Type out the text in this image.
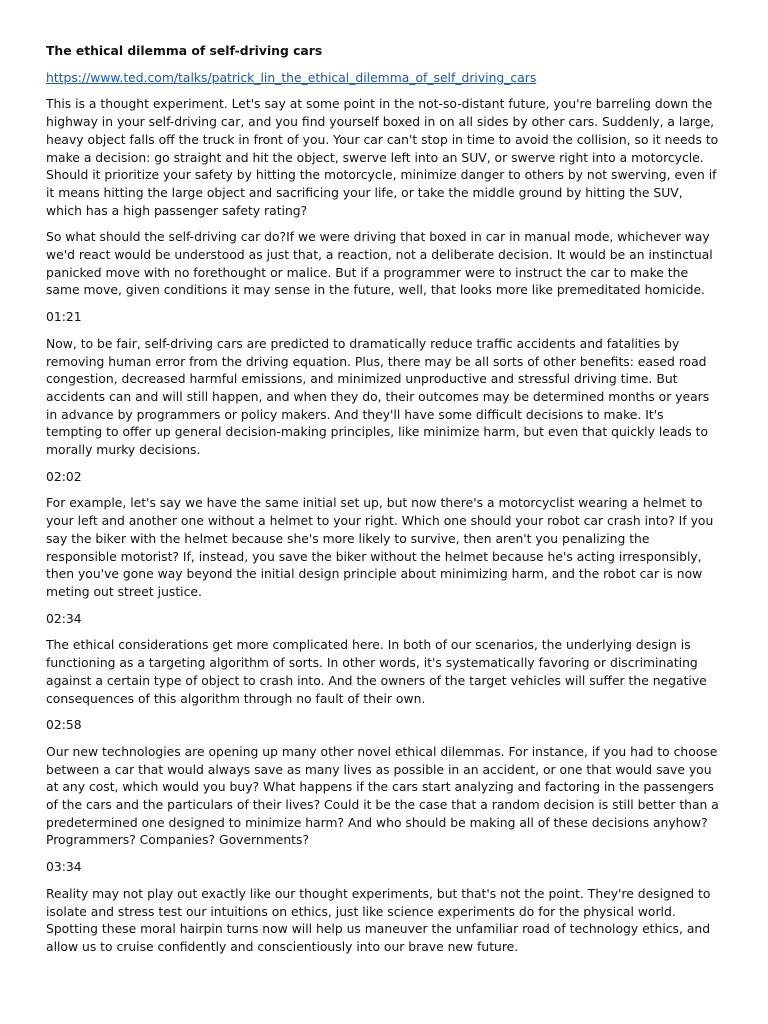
The ethical dilemma of self-driving cars
https://www.ted.com/talks/patrick_lin_the_ethical_dilemma_of_self_driving_cars

This is a thought experiment. Let's say at some point in the not-so-distant future, you're barreling down the highway in your self-driving car, and you find yourself boxed in on all sides by other cars. Suddenly, a large, heavy object falls off the truck in front of you. Your car can't stop in time to avoid the collision, so it needs to make a decision: go straight and hit the object, swerve left into an SUV, or swerve right into a motorcycle. Should it prioritize your safety by hitting the motorcycle, minimize danger to others by not swerving, even if it means hitting the large object and sacrificing your life, or take the middle ground by hitting the SUV, which has a high passenger safety rating?

So what should the self-driving car do?If we were driving that boxed in car in manual mode, whichever way we'd react would be understood as just that, a reaction, not a deliberate decision. It would be an instinctual panicked move with no forethought or malice. But if a programmer were to instruct the car to make the same move, given conditions it may sense in the future, well, that looks more like premeditated homicide.

01:21

Now, to be fair, self-driving cars are predicted to dramatically reduce traffic accidents and fatalities by removing human error from the driving equation. Plus, there may be all sorts of other benefits: eased road congestion, decreased harmful emissions, and minimized unproductive and stressful driving time. But accidents can and will still happen, and when they do, their outcomes may be determined months or years in advance by programmers or policy makers. And they'll have some difficult decisions to make. It's tempting to offer up general decision-making principles, like minimize harm, but even that quickly leads to morally murky decisions.

02:02

For example, let's say we have the same initial set up, but now there's a motorcyclist wearing a helmet to your left and another one without a helmet to your right. Which one should your robot car crash into? If you say the biker with the helmet because she's more likely to survive, then aren't you penalizing the responsible motorist? If, instead, you save the biker without the helmet because he's acting irresponsibly, then you've gone way beyond the initial design principle about minimizing harm, and the robot car is now meting out street justice.

02:34

The ethical considerations get more complicated here. In both of our scenarios, the underlying design is functioning as a targeting algorithm of sorts. In other words, it's systematically favoring or discriminating against a certain type of object to crash into. And the owners of the target vehicles will suffer the negative consequences of this algorithm through no fault of their own.

02:58

Our new technologies are opening up many other novel ethical dilemmas. For instance, if you had to choose between a car that would always save as many lives as possible in an accident, or one that would save you at any cost, which would you buy? What happens if the cars start analyzing and factoring in the passengers of the cars and the particulars of their lives? Could it be the case that a random decision is still better than a predetermined one designed to minimize harm? And who should be making all of these decisions anyhow? Programmers? Companies? Governments?

03:34

Reality may not play out exactly like our thought experiments, but that's not the point. They're designed to isolate and stress test our intuitions on ethics, just like science experiments do for the physical world. Spotting these moral hairpin turns now will help us maneuver the unfamiliar road of technology ethics, and allow us to cruise confidently and conscientiously into our brave new future.
